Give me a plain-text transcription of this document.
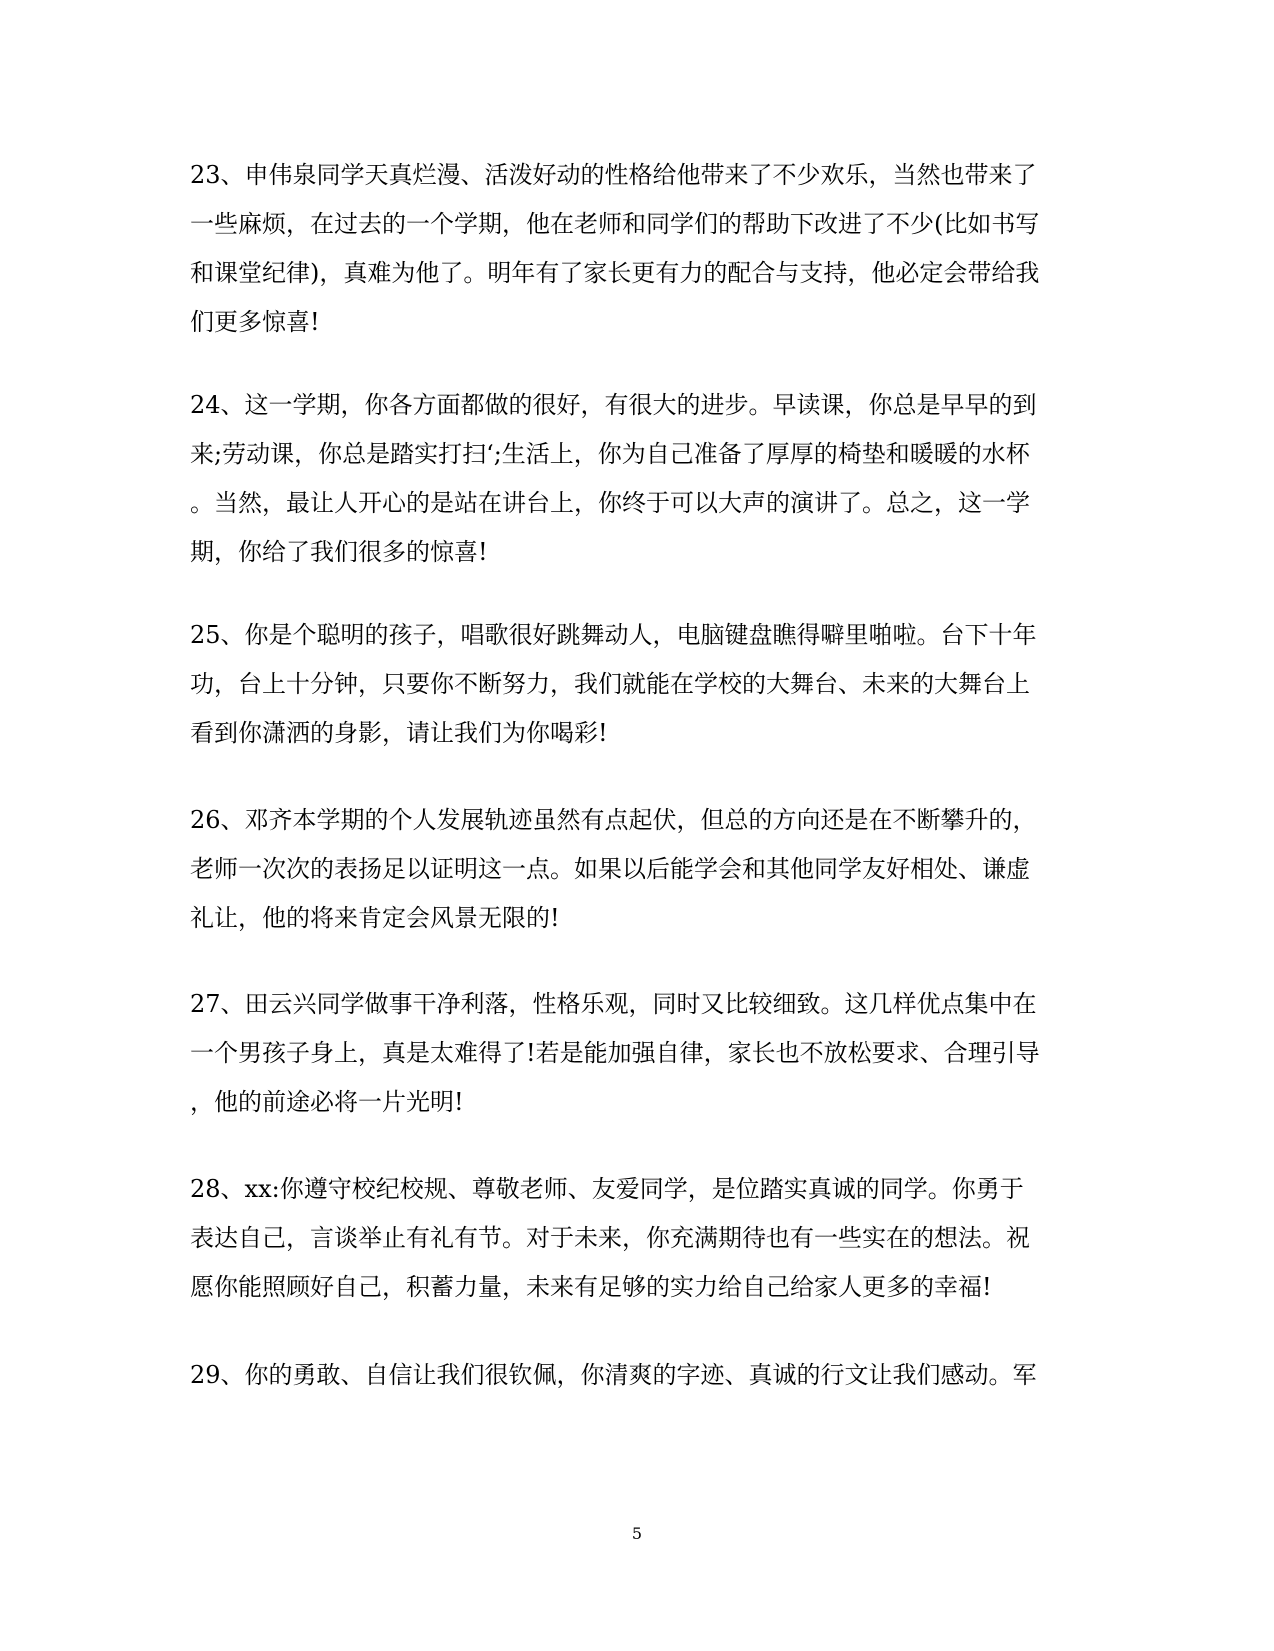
23、申伟泉同学天真烂漫、活泼好动的性格给他带来了不少欢乐，当然也带来了
一些麻烦，在过去的一个学期，他在老师和同学们的帮助下改进了不少(比如书写
和课堂纪律)，真难为他了。明年有了家长更有力的配合与支持，他必定会带给我
们更多惊喜!
24、这一学期，你各方面都做的很好，有很大的进步。早读课，你总是早早的到
来;劳动课，你总是踏实打扫‘;生活上，你为自己准备了厚厚的椅垫和暖暖的水杯
。当然，最让人开心的是站在讲台上，你终于可以大声的演讲了。总之，这一学
期，你给了我们很多的惊喜!
25、你是个聪明的孩子，唱歌很好跳舞动人，电脑键盘瞧得噼里啪啦。台下十年
功，台上十分钟，只要你不断努力，我们就能在学校的大舞台、未来的大舞台上
看到你潇洒的身影，请让我们为你喝彩!
26、邓齐本学期的个人发展轨迹虽然有点起伏，但总的方向还是在不断攀升的，
老师一次次的表扬足以证明这一点。如果以后能学会和其他同学友好相处、谦虚
礼让，他的将来肯定会风景无限的!
27、田云兴同学做事干净利落，性格乐观，同时又比较细致。这几样优点集中在
一个男孩子身上，真是太难得了!若是能加强自律，家长也不放松要求、合理引导
，他的前途必将一片光明!
28、xx:你遵守校纪校规、尊敬老师、友爱同学，是位踏实真诚的同学。你勇于
表达自己，言谈举止有礼有节。对于未来，你充满期待也有一些实在的想法。祝
愿你能照顾好自己，积蓄力量，未来有足够的实力给自己给家人更多的幸福!
29、你的勇敢、自信让我们很钦佩，你清爽的字迹、真诚的行文让我们感动。军
5
